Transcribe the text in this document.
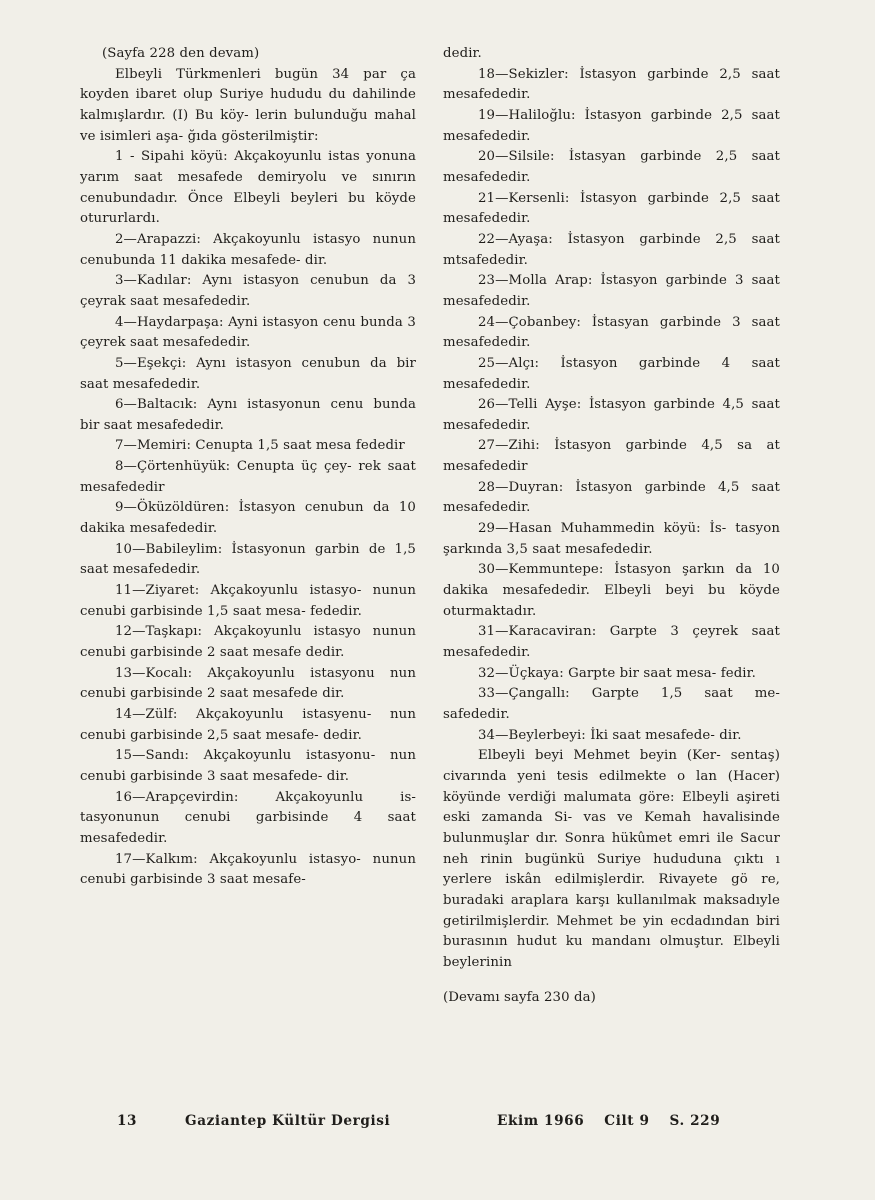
(Sayfa 228 den devam)

Elbeyli Türkmenleri bugün 34 par ça koyden ibaret olup Suriye hududu du dahilinde kalmışlardır. (I) Bu köy- lerin bulunduğu mahal ve isimleri aşa- ğıda gösterilmiştir:

1 - Sipahi köyü: Akçakoyunlu istas yonuna yarım saat mesafede demiryolu ve sınırın cenubundadır. Önce Elbeyli beyleri bu köyde otururlardı.

2—Arapazzi: Akçakoyunlu istasyo nunun cenubunda 11 dakika mesafede- dir.

3—Kadılar: Aynı istasyon cenubun da 3 çeyrak saat mesafededir.

4—Haydarpaşa: Ayni istasyon cenu bunda 3 çeyrek saat mesafededir.

5—Eşekçi: Aynı istasyon cenubun da bir saat mesafededir.

6—Baltacık: Aynı istasyonun cenu bunda bir saat mesafededir.

7—Memiri: Cenupta 1,5 saat mesa fededir

8—Çörtenhüyük: Cenupta üç çey- rek saat mesafededir

9—Öküzöldüren: İstasyon cenubun da 10 dakika mesafededir.

10—Babileylim: İstasyonun garbin de 1,5 saat mesafededir.

11—Ziyaret: Akçakoyunlu istasyo- nunun cenubi garbisinde 1,5 saat mesa- fededir.

12—Taşkapı: Akçakoyunlu istasyo nunun cenubi garbisinde 2 saat mesafe dedir.

13—Kocalı: Akçakoyunlu istasyonu nun cenubi garbisinde 2 saat mesafede dir.

14—Zülf: Akçakoyunlu istasyenu- nun cenubi garbisinde 2,5 saat mesafe- dedir.

15—Sandı: Akçakoyunlu istasyonu- nun cenubi garbisinde 3 saat mesafede- dir.

16—Arapçevirdin: Akçakoyunlu is- tasyonunun cenubi garbisinde 4 saat mesafededir.

17—Kalkım: Akçakoyunlu istasyo- nunun cenubi garbisinde 3 saat mesafe-

dedir.

18—Sekizler: İstasyon garbinde 2,5 saat mesafededir.

19—Haliloğlu: İstasyon garbinde 2,5 saat mesafededir.

20—Silsile: İstasyan garbinde 2,5 saat mesafededir.

21—Kersenli: İstasyon garbinde 2,5 saat mesafededir.

22—Ayaşa: İstasyon garbinde 2,5 saat mtsafededir.

23—Molla Arap: İstasyon garbinde 3 saat mesafededir.

24—Çobanbey: İstasyan garbinde 3 saat mesafededir.

25—Alçı: İstasyon garbinde 4 saat mesafededir.

26—Telli Ayşe: İstasyon garbinde 4,5 saat mesafededir.

27—Zihi: İstasyon garbinde 4,5 sa at mesafededir

28—Duyran: İstasyon garbinde 4,5 saat mesafededir.

29—Hasan Muhammedin köyü: İs- tasyon şarkında 3,5 saat mesafededir.

30—Kemmuntepe: İstasyon şarkın da 10 dakika mesafededir. Elbeyli beyi bu köyde oturmaktadır.

31—Karacaviran: Garpte 3 çeyrek saat mesafededir.

32—Üçkaya: Garpte bir saat mesa- fedir.

33—Çangallı: Garpte 1,5 saat me- safededir.

34—Beylerbeyi: İki saat mesafede- dir.

Elbeyli beyi Mehmet beyin (Ker- sentaş) civarında yeni tesis edilmekte o lan (Hacer) köyünde verdiği malumata göre: Elbeyli aşireti eski zamanda Si- vas ve Kemah havalisinde bulunmuşlar dır. Sonra hükûmet emri ile Sacur neh rinin bugünkü Suriye hududuna çıktı ı yerlere iskân edilmişlerdir. Rivayete gö re, buradaki araplara karşı kullanılmak maksadıyle getirilmişlerdir. Mehmet be yin ecdadından biri burasının hudut ku mandanı olmuştur. Elbeyli beylerinin

(Devamı sayfa 230 da)

13	Gaziantep Kültür Dergisi	Ekim 1966 Cilt 9 S. 229
